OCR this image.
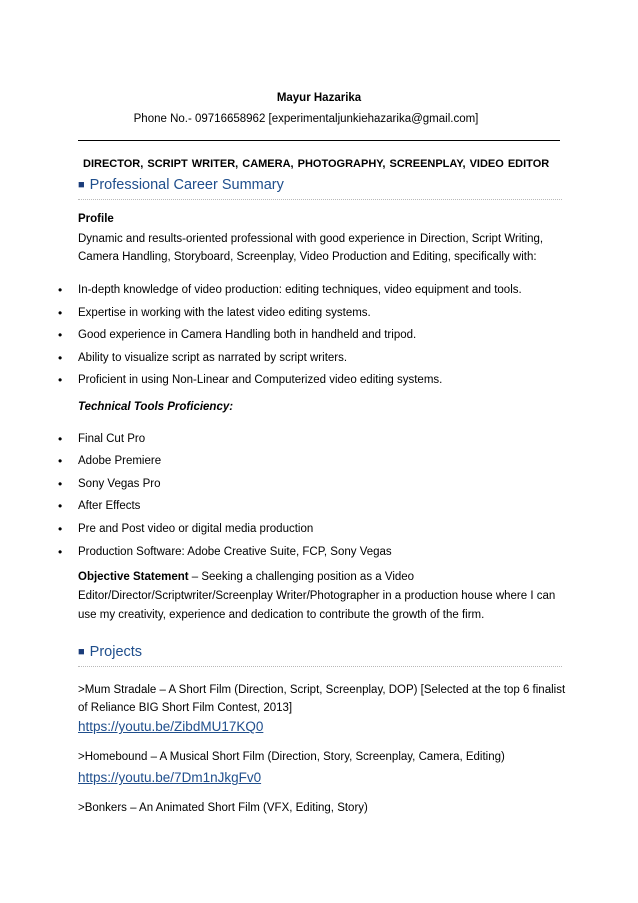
Mayur Hazarika
Phone No.- 09716658962 [experimentaljunkiehazarika@gmail.com]
DIRECTOR, SCRIPT WRITER, CAMERA, PHOTOGRAPHY, SCREENPLAY, VIDEO EDITOR
■ Professional Career Summary
Profile
Dynamic and results-oriented professional with good experience in Direction, Script Writing,
Camera Handling, Storyboard, Screenplay, Video Production and Editing, specifically with:
• In-depth knowledge of video production: editing techniques, video equipment and tools.
• Expertise in working with the latest video editing systems.
• Good experience in Camera Handling both in handheld and tripod.
• Ability to visualize script as narrated by script writers.
• Proficient in using Non-Linear and Computerized video editing systems.
Technical Tools Proficiency:
• Final Cut Pro
• Adobe Premiere
• Sony Vegas Pro
• After Effects
• Pre and Post video or digital media production
• Production Software: Adobe Creative Suite, FCP, Sony Vegas
Objective Statement – Seeking a challenging position as a Video
Editor/Director/Scriptwriter/Screenplay Writer/Photographer in a production house where I can
use my creativity, experience and dedication to contribute the growth of the firm.
■ Projects
>Mum Stradale – A Short Film (Direction, Script, Screenplay, DOP) [Selected at the top 6 finalist
of Reliance BIG Short Film Contest, 2013]
https://youtu.be/ZibdMU17KQ0
>Homebound – A Musical Short Film (Direction, Story, Screenplay, Camera, Editing)
https://youtu.be/7Dm1nJkgFv0
>Bonkers – An Animated Short Film (VFX, Editing, Story)
